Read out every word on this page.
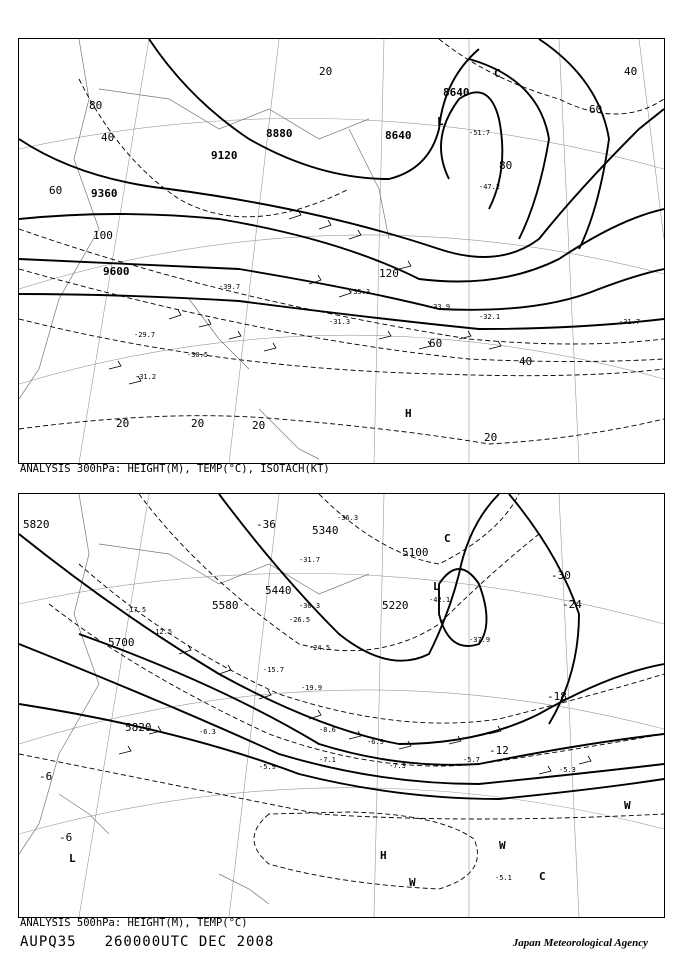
8880
9120
9360
9600
8640
8640
20
40
60
80
100
120
40
60
80
60
40
20	20	20
20
L
H
C
-51.7
-47.2
-39.7
-35.3
-33.9
-31.3
-29.7
-32.1
-31.7
-30.5
-31.2
ANALYSIS 300hPa: HEIGHT(M), TEMP(°C), ISOTACH(KT)
5820	5340
5100
5220
5580
5440
5700
5820
-36
-30
-24
-18
-12
-6
-6
L
C
H
L
C
W
W
W
-36.3
-31.7
-30.3
-42.1
-37.9
-26.5
-24.5
-17.5
-12.5
-15.7
-19.9
-8.6
-6.9
-5.7
-5.3
-7.3
-7.1
-5.9
-6.3
-5.1
ANALYSIS 500hPa: HEIGHT(M), TEMP(°C)
AUPQ35 260000UTC DEC 2008	Japan Meteorological Agency
